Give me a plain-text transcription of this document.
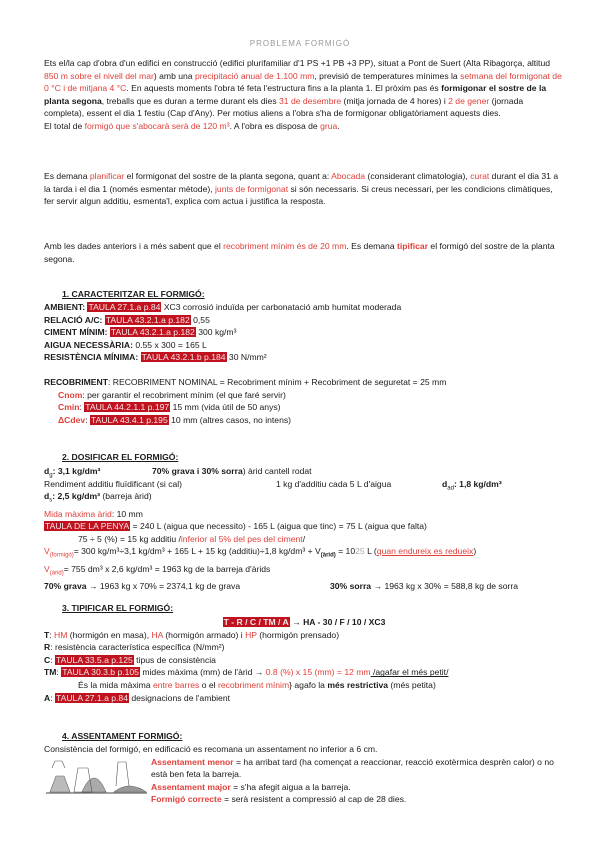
PROBLEMA FORMIGÓ

Ets el/la cap d'obra d'un edifici en construcció (edifici plurifamiliar d'1 PS +1 PB +3 PP), situat a Pont de Suert (Alta Ribagorça, altitud 850 m sobre el nivell del mar) amb una precipitació anual de 1.100 mm, previsió de temperatures mínimes la setmana del formigonat de 0 °C i de mitjana 4 °C. En aquests moments l'obra té feta l'estructura fins a la planta 1. El pròxim pas és formigonar el sostre de la planta segona, treballs que es duran a terme durant els dies 31 de desembre (mitja jornada de 4 hores) i 2 de gener (jornada completa), essent el dia 1 festiu (Cap d'Any). Per motius aliens a l'obra s'ha de formigonar obligatòriament aquests dies.

El total de formigó que s'abocarà serà de 120 m³. A l'obra es disposa de grua.

Es demana planificar el formigonat del sostre de la planta segona, quant a: Abocada (considerant climatologia), curat durant el dia 31 a la tarda i el dia 1 (només esmentar mètode), junts de formigonat si són necessaris. Si creus necessari, per les condicions climàtiques, fer servir algun additiu, esmenta'l, explica com actua i justifica la resposta.

Amb les dades anteriors i a més sabent que el recobriment mínim és de 20 mm. Es demana tipificar el formigó del sostre de la planta segona.

1. CARACTERITZAR EL FORMIGÓ:

AMBIENT: TAULA 27.1.a p.84 XC3 corrosió induïda per carbonatació amb humitat moderada

RELACIÓ A/C: TAULA 43.2.1.a p.182 0,55

CIMENT MÍNIM: TAULA 43.2.1.a p.182 300 kg/m³

AIGUA NECESSÀRIA: 0.55 x 300 = 165 L

RESISTÈNCIA MÍNIMA: TAULA 43.2.1.b p.184 30 N/mm²

RECOBRIMENT: RECOBRIMENT NOMINAL = Recobriment mínim + Recobriment de seguretat = 25 mm

Cnom: per garantir el recobriment mínim (el que faré servir)

Cmin: TAULA 44.2.1.1 p.197 15 mm (vida útil de 50 anys)

ΔCdev: TAULA 43.4.1 p.195 10 mm (altres casos, no intens)

2. DOSIFICAR EL FORMIGÓ:
$d_g$: 3,1 kg/dm³	70% grava i 30% sorra) àrid cantell rodat
Rendiment additiu fluïdificant (si cal)	1 kg d'additiu cada 5 L d'aigua	$d_{ad}$: 1,8 kg/dm³

$d_s$: 2,5 kg/dm³ (barreja àrid)

Mida màxima àrid: 10 mm

TAULA DE LA PENYA = 240 L (aigua que necessito) - 165 L (aigua que tinc) = 75 L (aigua que falta)

75 ÷ 5 (%) = 15 kg additiu /inferior al 5% del pes del ciment/

$V_{(formigó)}= 300$ kg/m³÷3,1 kg/dm³ + 165 L + 15 kg (additiu)÷1,8 $kg/dm^3 + V_{(àrid)} = 1025$ L (quan endureix es redueix)

$V_{(àrid)}= 755$ dm³ x 2,6 kg/dm³ = 1963 kg de la barreja d'àrids

70% grava → 1963 kg x 70% = 2374,1 kg de grava	30% sorra → 1963 kg x 30% = 588,8 kg de sorra
3. TIPIFICAR EL FORMIGÓ:

T - R / C / TM / A → HA - 30 / F / 10 / XC3

T: HM (hormigón en masa), HA (hormigón armado) i HP (hormigón prensado)

R: resistència característica específica (N/mm²)

C: TAULA 33.5.a p.125 tipus de consistència

TM: TAULA 30.3.b p.105 mides màxima (mm) de l'àrid → 0.8 (%) x 15 (mm) = 12 mm /agafar el més petit/

És la mida màxima entre barres o el recobriment mínim} agafo la més restrictiva (més petita)

A: TAULA 27.1.a p.84 designacions de l'ambient

4. ASSENTAMENT FORMIGÓ:

Consistència del formigó, en edificació es recomana un assentament no inferior a 6 cm.

Assentament menor = ha arribat tard (ha començat a reaccionar, reacció exotèrmica desprèn calor) o no està ben feta la barreja.

Assentament major = s'ha afegit aigua a la barreja.

Formigó correcte = serà resistent a compressió al cap de 28 dies.
